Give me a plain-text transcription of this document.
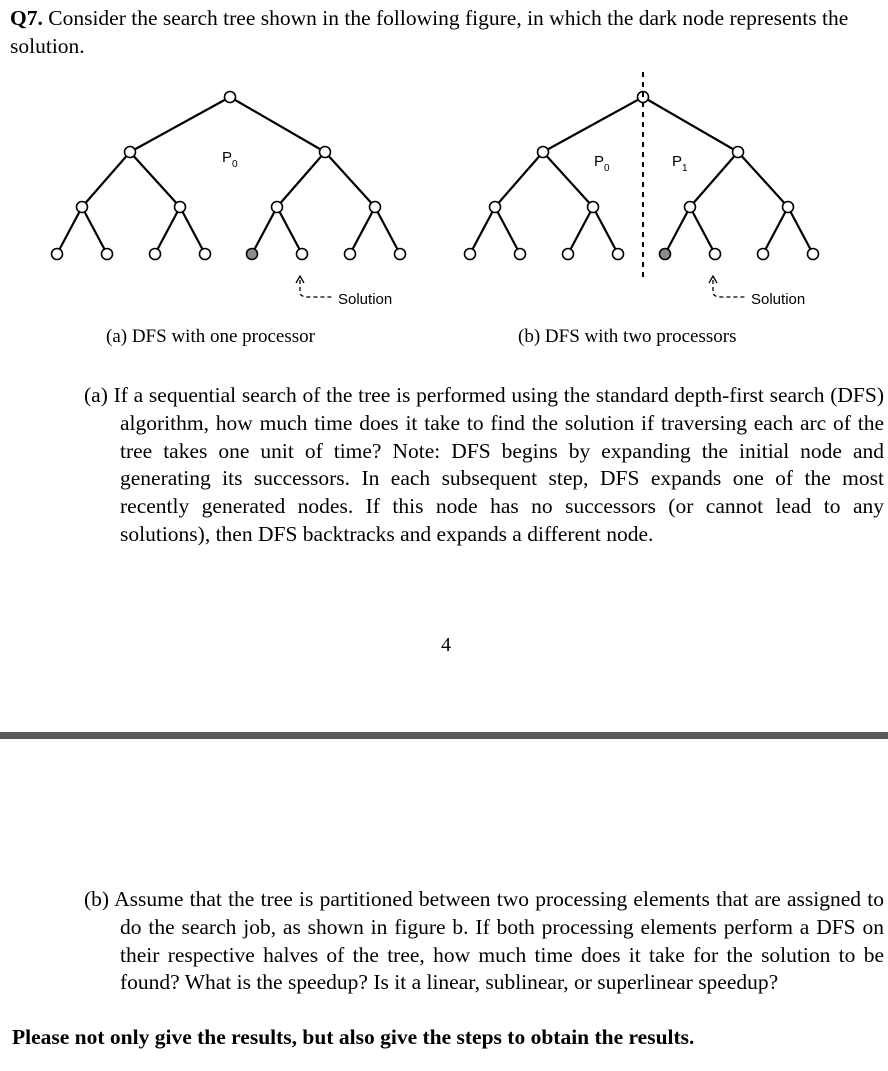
Q7. Consider the search tree shown in the following figure, in which the dark node represents the solution.

$P_0$
Solution
(a) DFS with one processor
$P_0$	$P_1$
Solution
(b) DFS with two processors

(a) If a sequential search of the tree is performed using the standard depth-first search (DFS) algorithm, how much time does it take to find the solution if traversing each arc of the tree takes one unit of time? Note: DFS begins by expanding the initial node and generating its successors. In each subsequent step, DFS expands one of the most recently generated nodes. If this node has no successors (or cannot lead to any solutions), then DFS backtracks and expands a different node.

4

(b) Assume that the tree is partitioned between two processing elements that are assigned to do the search job, as shown in figure b. If both processing elements perform a DFS on their respective halves of the tree, how much time does it take for the solution to be found? What is the speedup? Is it a linear, sublinear, or superlinear speedup?

Please not only give the results, but also give the steps to obtain the results.
